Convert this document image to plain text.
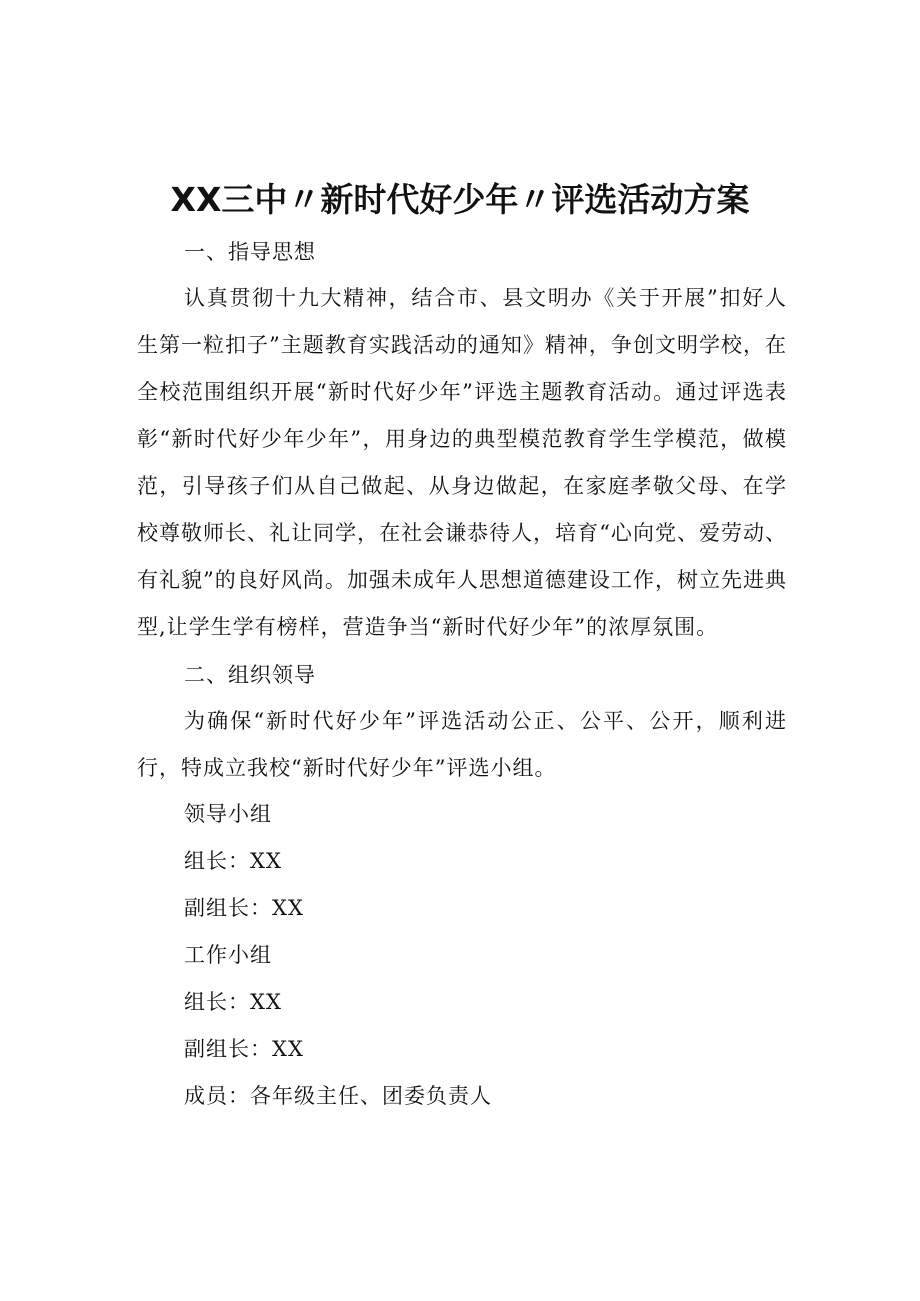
XX三中〃新时代好少年〃评选活动方案
一、指导思想
认真贯彻十九大精神，结合市、县文明办《关于开展”扣好人生第一粒扣子”主题教育实践活动的通知》精神，争创文明学校，在全校范围组织开展“新时代好少年”评选主题教育活动。通过评选表彰“新时代好少年少年”，用身边的典型模范教育学生学模范，做模范，引导孩子们从自己做起、从身边做起，在家庭孝敬父母、在学校尊敬师长、礼让同学，在社会谦恭待人，培育“心向党、爱劳动、有礼貌”的良好风尚。加强未成年人思想道德建设工作，树立先进典型,让学生学有榜样，营造争当“新时代好少年”的浓厚氛围。
二、组织领导
为确保“新时代好少年”评选活动公正、公平、公开，顺利进行，特成立我校“新时代好少年”评选小组。
领导小组
组长：XX
副组长：XX
工作小组
组长：XX
副组长：XX
成员：各年级主任、团委负责人
